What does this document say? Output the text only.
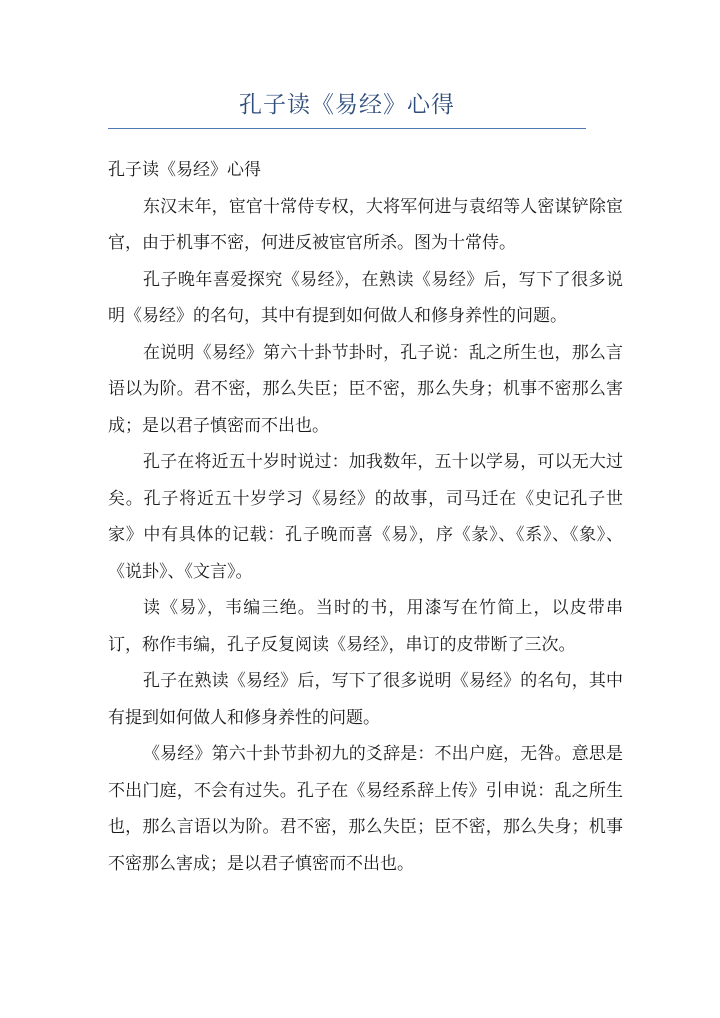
孔子读《易经》心得

孔子读《易经》心得

东汉末年，宦官十常侍专权，大将军何进与袁绍等人密谋铲除宦官，由于机事不密，何进反被宦官所杀。图为十常侍。

孔子晚年喜爱探究《易经》，在熟读《易经》后，写下了很多说明《易经》的名句，其中有提到如何做人和修身养性的问题。

在说明《易经》第六十卦节卦时，孔子说：乱之所生也，那么言语以为阶。君不密，那么失臣；臣不密，那么失身；机事不密那么害成；是以君子慎密而不出也。

孔子在将近五十岁时说过：加我数年，五十以学易，可以无大过矣。孔子将近五十岁学习《易经》的故事，司马迁在《史记孔子世家》中有具体的记载：孔子晚而喜《易》，序《彖》、《系》、《象》、《说卦》、《文言》。

读《易》，韦编三绝。当时的书，用漆写在竹简上，以皮带串订，称作韦编，孔子反复阅读《易经》，串订的皮带断了三次。

孔子在熟读《易经》后，写下了很多说明《易经》的名句，其中有提到如何做人和修身养性的问题。

《易经》第六十卦节卦初九的爻辞是：不出户庭，无咎。意思是不出门庭，不会有过失。孔子在《易经系辞上传》引申说：乱之所生也，那么言语以为阶。君不密，那么失臣；臣不密，那么失身；机事不密那么害成；是以君子慎密而不出也。
